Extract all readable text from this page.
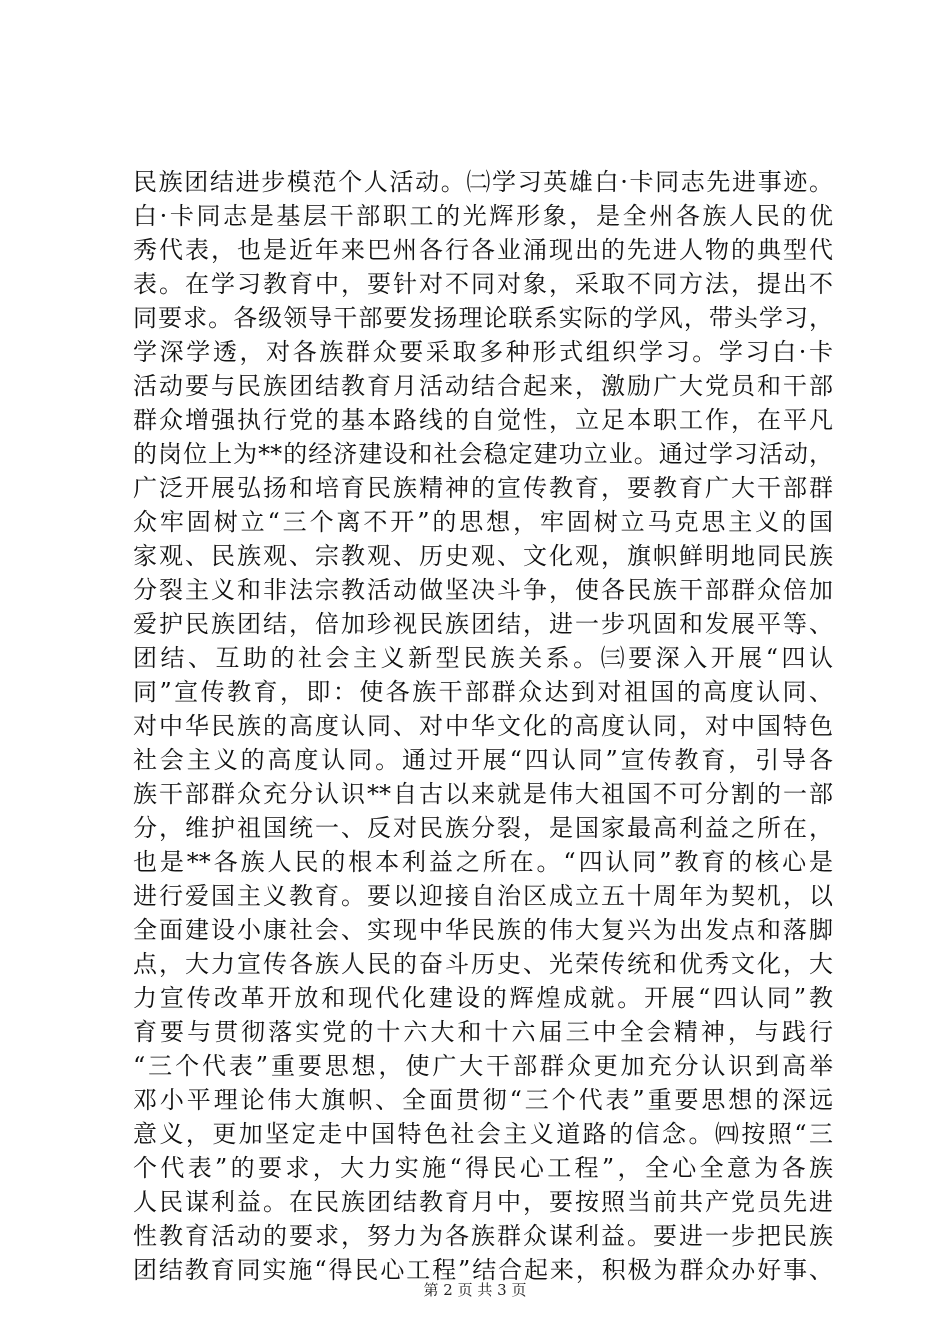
民族团结进步模范个人活动。㈡学习英雄白·卡同志先进事迹。
白·卡同志是基层干部职工的光辉形象，是全州各族人民的优
秀代表，也是近年来巴州各行各业涌现出的先进人物的典型代
表。在学习教育中，要针对不同对象，采取不同方法，提出不
同要求。各级领导干部要发扬理论联系实际的学风，带头学习，
学深学透，对各族群众要采取多种形式组织学习。学习白·卡
活动要与民族团结教育月活动结合起来，激励广大党员和干部
群众增强执行党的基本路线的自觉性，立足本职工作，在平凡
的岗位上为**的经济建设和社会稳定建功立业。通过学习活动，
广泛开展弘扬和培育民族精神的宣传教育，要教育广大干部群
众牢固树立“三个离不开”的思想，牢固树立马克思主义的国
家观、民族观、宗教观、历史观、文化观，旗帜鲜明地同民族
分裂主义和非法宗教活动做坚决斗争，使各民族干部群众倍加
爱护民族团结，倍加珍视民族团结，进一步巩固和发展平等、
团结、互助的社会主义新型民族关系。㈢要深入开展“四认
同”宣传教育，即：使各族干部群众达到对祖国的高度认同、
对中华民族的高度认同、对中华文化的高度认同，对中国特色
社会主义的高度认同。通过开展“四认同”宣传教育，引导各
族干部群众充分认识**自古以来就是伟大祖国不可分割的一部
分，维护祖国统一、反对民族分裂，是国家最高利益之所在，
也是**各族人民的根本利益之所在。“四认同”教育的核心是
进行爱国主义教育。要以迎接自治区成立五十周年为契机，以
全面建设小康社会、实现中华民族的伟大复兴为出发点和落脚
点，大力宣传各族人民的奋斗历史、光荣传统和优秀文化，大
力宣传改革开放和现代化建设的辉煌成就。开展“四认同”教
育要与贯彻落实党的十六大和十六届三中全会精神，与践行
“三个代表”重要思想，使广大干部群众更加充分认识到高举
邓小平理论伟大旗帜、全面贯彻“三个代表”重要思想的深远
意义，更加坚定走中国特色社会主义道路的信念。㈣按照“三
个代表”的要求，大力实施“得民心工程”，全心全意为各族
人民谋利益。在民族团结教育月中，要按照当前共产党员先进
性教育活动的要求，努力为各族群众谋利益。要进一步把民族
团结教育同实施“得民心工程”结合起来，积极为群众办好事、
第 2 页 共 3 页
